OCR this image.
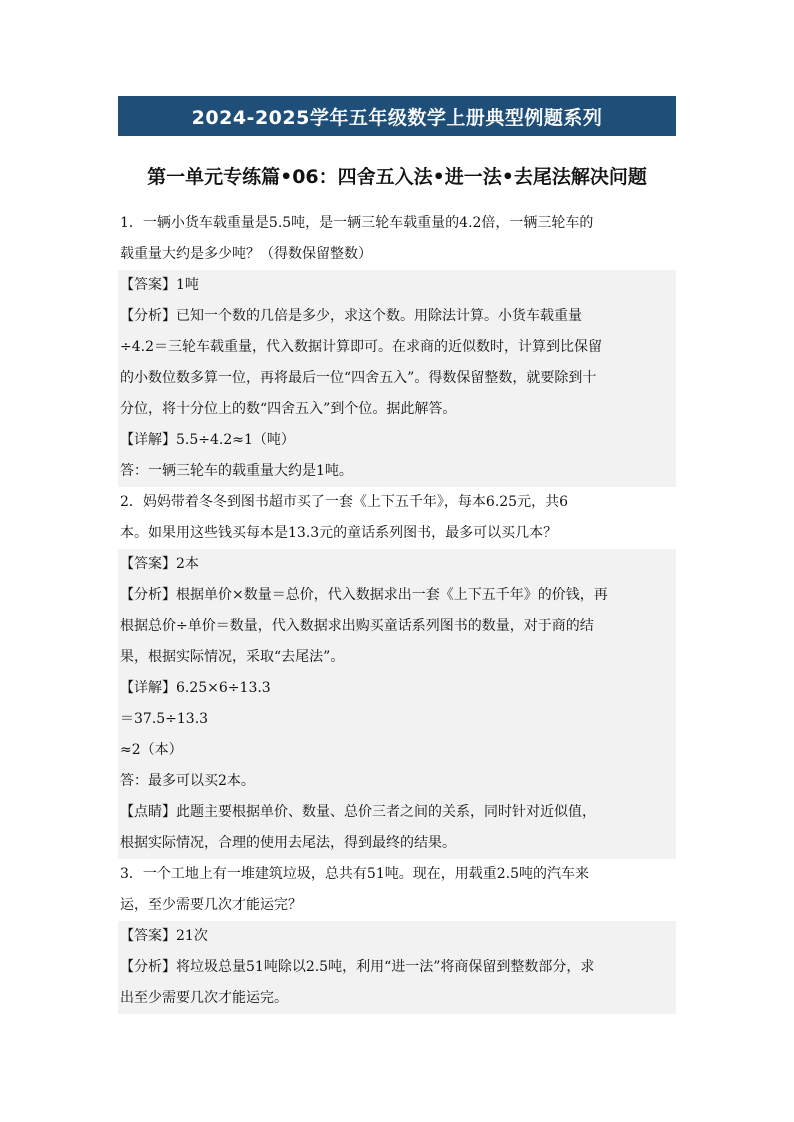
2024-2025学年五年级数学上册典型例题系列
第一单元专练篇•06：四舍五入法•进一法•去尾法解决问题
1．一辆小货车载重量是5.5吨，是一辆三轮车载重量的4.2倍，一辆三轮车的
载重量大约是多少吨？（得数保留整数）
【答案】1吨
【分析】已知一个数的几倍是多少，求这个数。用除法计算。小货车载重量
÷4.2＝三轮车载重量，代入数据计算即可。在求商的近似数时，计算到比保留
的小数位数多算一位，再将最后一位“四舍五入”。得数保留整数，就要除到十
分位，将十分位上的数“四舍五入”到个位。据此解答。
【详解】5.5÷4.2≈1（吨）
答：一辆三轮车的载重量大约是1吨。
2．妈妈带着冬冬到图书超市买了一套《上下五千年》，每本6.25元，共6
本。如果用这些钱买每本是13.3元的童话系列图书，最多可以买几本？
【答案】2本
【分析】根据单价×数量＝总价，代入数据求出一套《上下五千年》的价钱，再
根据总价÷单价＝数量，代入数据求出购买童话系列图书的数量，对于商的结
果，根据实际情况，采取“去尾法”。
【详解】6.25×6÷13.3
＝37.5÷13.3
≈2（本）
答：最多可以买2本。
【点睛】此题主要根据单价、数量、总价三者之间的关系，同时针对近似值，
根据实际情况，合理的使用去尾法，得到最终的结果。
3．一个工地上有一堆建筑垃圾，总共有51吨。现在，用载重2.5吨的汽车来
运，至少需要几次才能运完？
【答案】21次
【分析】将垃圾总量51吨除以2.5吨，利用“进一法”将商保留到整数部分，求
出至少需要几次才能运完。
